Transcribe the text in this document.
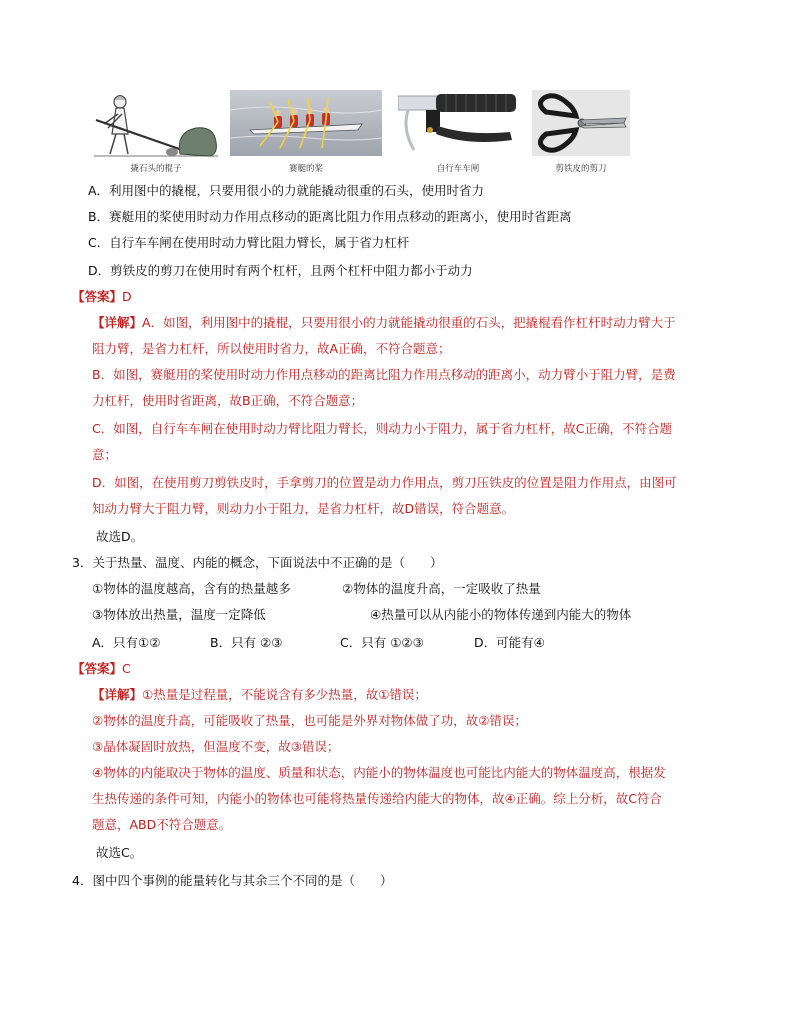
撬石头的棍子	赛艇的桨	自行车车闸	剪铁皮的剪刀
A．利用图中的撬棍，只要用很小的力就能撬动很重的石头，使用时省力
B．赛艇用的桨使用时动力作用点移动的距离比阻力作用点移动的距离小，使用时省距离
C．自行车车闸在使用时动力臂比阻力臂长，属于省力杠杆
D．剪铁皮的剪刀在使用时有两个杠杆，且两个杠杆中阻力都小于动力
【答案】D
【详解】A．如图，利用图中的撬棍，只要用很小的力就能撬动很重的石头，把撬棍看作杠杆时动力臂大于
阻力臂，是省力杠杆，所以使用时省力，故A正确，不符合题意；
B．如图，赛艇用的桨使用时动力作用点移动的距离比阻力作用点移动的距离小，动力臂小于阻力臂，是费
力杠杆，使用时省距离，故B正确，不符合题意；
C．如图，自行车车闸在使用时动力臂比阻力臂长，则动力小于阻力，属于省力杠杆，故C正确，不符合题
意；
D．如图，在使用剪刀剪铁皮时，手拿剪刀的位置是动力作用点，剪刀压铁皮的位置是阻力作用点，由图可
知动力臂大于阻力臂，则动力小于阻力，是省力杠杆，故D错误，符合题意。
故选D。
3．关于热量、温度、内能的概念，下面说法中不正确的是（　　）
①物体的温度越高，含有的热量越多	②物体的温度升高，一定吸收了热量
③物体放出热量，温度一定降低	④热量可以从内能小的物体传递到内能大的物体
A．只有①②	B．只有 ②③	C．只有 ①②③	D．可能有④
【答案】C
【详解】①热量是过程量，不能说含有多少热量，故①错误；
②物体的温度升高，可能吸收了热量，也可能是外界对物体做了功，故②错误；
③晶体凝固时放热，但温度不变，故③错误；
④物体的内能取决于物体的温度、质量和状态，内能小的物体温度也可能比内能大的物体温度高，根据发
生热传递的条件可知，内能小的物体也可能将热量传递给内能大的物体，故④正确。综上分析，故C符合
题意，ABD不符合题意。
故选C。
4．图中四个事例的能量转化与其余三个不同的是（　　）
